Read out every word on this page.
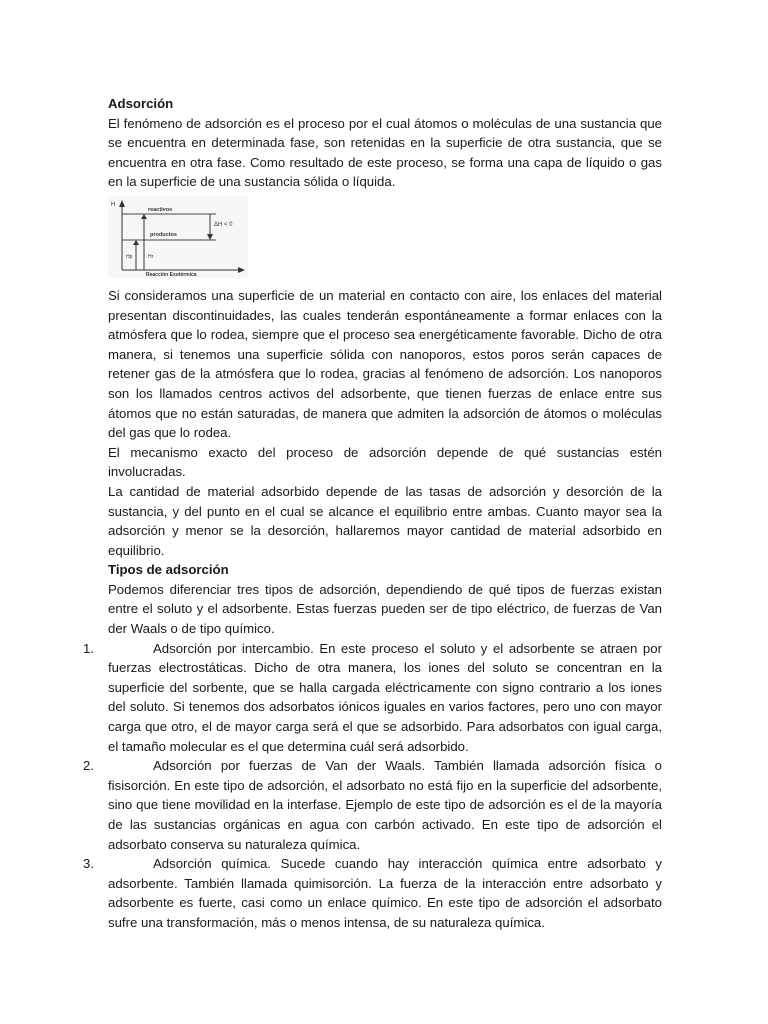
Adsorción

El fenómeno de adsorción es el proceso por el cual átomos o moléculas de una sustancia que se encuentra en determinada fase, son retenidas en la superficie de otra sustancia, que se encuentra en otra fase. Como resultado de este proceso, se forma una capa de líquido o gas en la superficie de una sustancia sólida o líquida.

H
reactivos
productos
ΔH < 0
Hp	Hr
Reacción Exotérmica

Si consideramos una superficie de un material en contacto con aire, los enlaces del material presentan discontinuidades, las cuales tenderán espontáneamente a formar enlaces con la atmósfera que lo rodea, siempre que el proceso sea energéticamente favorable. Dicho de otra manera, si tenemos una superficie sólida con nanoporos, estos poros serán capaces de retener gas de la atmósfera que lo rodea, gracias al fenómeno de adsorción. Los nanoporos son los llamados centros activos del adsorbente, que tienen fuerzas de enlace entre sus átomos que no están saturadas, de manera que admiten la adsorción de átomos o moléculas del gas que lo rodea.

El mecanismo exacto del proceso de adsorción depende de qué sustancias estén involucradas.

La cantidad de material adsorbido depende de las tasas de adsorción y desorción de la sustancia, y del punto en el cual se alcance el equilibrio entre ambas. Cuanto mayor sea la adsorción y menor se la desorción, hallaremos mayor cantidad de material adsorbido en equilibrio.

Tipos de adsorción

Podemos diferenciar tres tipos de adsorción, dependiendo de qué tipos de fuerzas existan entre el soluto y el adsorbente. Estas fuerzas pueden ser de tipo eléctrico, de fuerzas de Van der Waals o de tipo químico.

1.	Adsorción por intercambio. En este proceso el soluto y el adsorbente se atraen por fuerzas electrostáticas. Dicho de otra manera, los iones del soluto se concentran en la superficie del sorbente, que se halla cargada eléctricamente con signo contrario a los iones del soluto. Si tenemos dos adsorbatos iónicos iguales en varios factores, pero uno con mayor carga que otro, el de mayor carga será el que se adsorbido. Para adsorbatos con igual carga, el tamaño molecular es el que determina cuál será adsorbido.
2.	Adsorción por fuerzas de Van der Waals. También llamada adsorción física o fisisorción. En este tipo de adsorción, el adsorbato no está fijo en la superficie del adsorbente, sino que tiene movilidad en la interfase. Ejemplo de este tipo de adsorción es el de la mayoría de las sustancias orgánicas en agua con carbón activado. En este tipo de adsorción el adsorbato conserva su naturaleza química.
3.	Adsorción química. Sucede cuando hay interacción química entre adsorbato y adsorbente. También llamada quimisorción. La fuerza de la interacción entre adsorbato y adsorbente es fuerte, casi como un enlace químico. En este tipo de adsorción el adsorbato sufre una transformación, más o menos intensa, de su naturaleza química.
